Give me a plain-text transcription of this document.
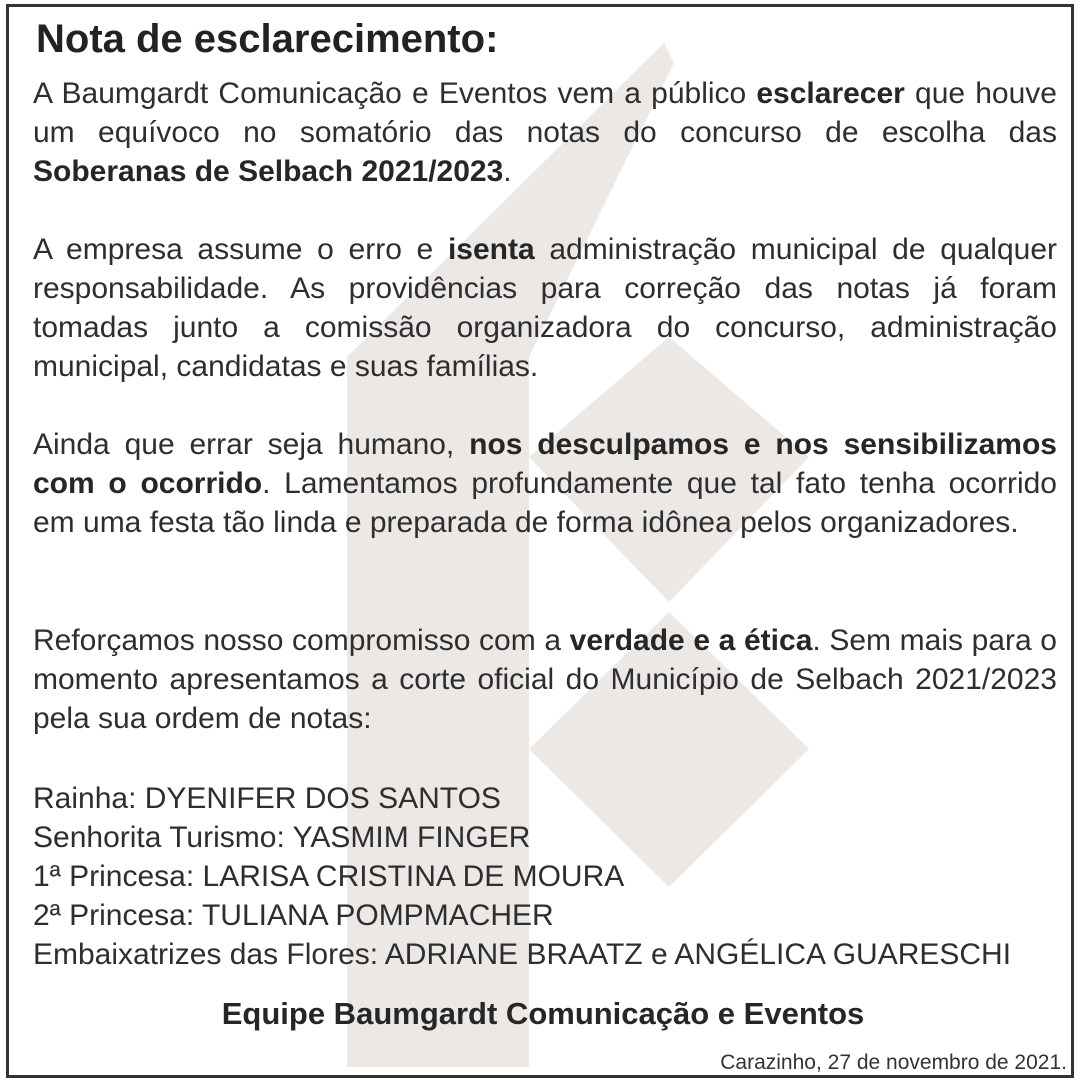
Nota de esclarecimento:

A Baumgardt Comunicação e Eventos vem a público esclarecer que houve um equívoco no somatório das notas do concurso de escolha das Soberanas de Selbach 2021/2023.

A empresa assume o erro e isenta administração municipal de qualquer responsabilidade. As providências para correção das notas já foram tomadas junto a comissão organizadora do concurso, administração municipal, candidatas e suas famílias.

Ainda que errar seja humano, nos desculpamos e nos sensibilizamos com o ocorrido. Lamentamos profundamente que tal fato tenha ocorrido em uma festa tão linda e preparada de forma idônea pelos organizadores.

Reforçamos nosso compromisso com a verdade e a ética. Sem mais para o momento apresentamos a corte oficial do Município de Selbach 2021/2023 pela sua ordem de notas:

Rainha: DYENIFER DOS SANTOS
Senhorita Turismo: YASMIM FINGER
1ª Princesa: LARISA CRISTINA DE MOURA
2ª Princesa: TULIANA POMPMACHER
Embaixatrizes das Flores: ADRIANE BRAATZ e ANGÉLICA GUARESCHI

Equipe Baumgardt Comunicação e Eventos

Carazinho, 27 de novembro de 2021.
